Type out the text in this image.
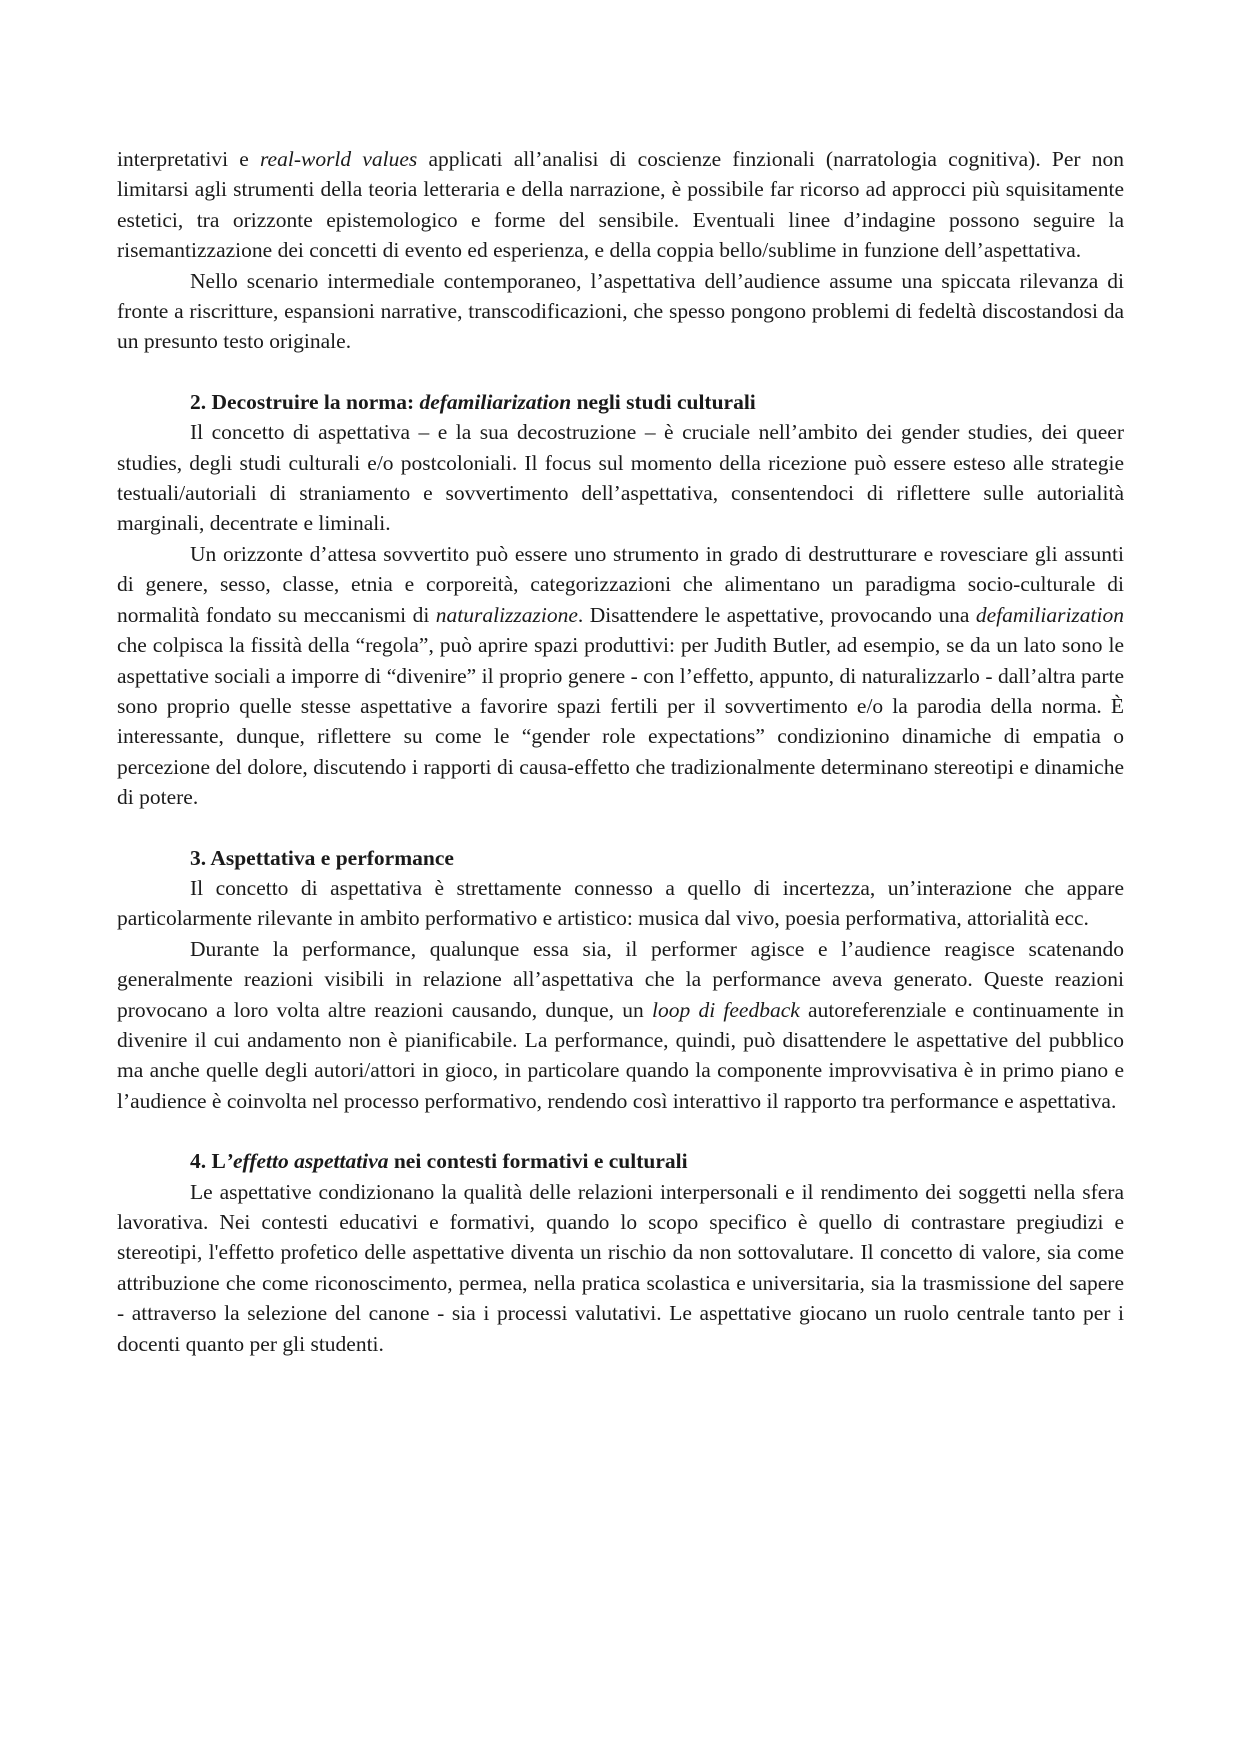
interpretativi e real-world values applicati all’analisi di coscienze finzionali (narratologia cognitiva). Per non limitarsi agli strumenti della teoria letteraria e della narrazione, è possibile far ricorso ad approcci più squisitamente estetici, tra orizzonte epistemologico e forme del sensibile. Eventuali linee d’indagine possono seguire la risemantizzazione dei concetti di evento ed esperienza, e della coppia bello/sublime in funzione dell’aspettativa.

Nello scenario intermediale contemporaneo, l’aspettativa dell’audience assume una spiccata rilevanza di fronte a riscritture, espansioni narrative, transcodificazioni, che spesso pongono problemi di fedeltà discostandosi da un presunto testo originale.

2. Decostruire la norma: defamiliarization negli studi culturali

Il concetto di aspettativa – e la sua decostruzione – è cruciale nell’ambito dei gender studies, dei queer studies, degli studi culturali e/o postcoloniali. Il focus sul momento della ricezione può essere esteso alle strategie testuali/autoriali di straniamento e sovvertimento dell’aspettativa, consentendoci di riflettere sulle autorialità marginali, decentrate e liminali.

Un orizzonte d’attesa sovvertito può essere uno strumento in grado di destrutturare e rovesciare gli assunti di genere, sesso, classe, etnia e corporeità, categorizzazioni che alimentano un paradigma socio-culturale di normalità fondato su meccanismi di naturalizzazione. Disattendere le aspettative, provocando una defamiliarization che colpisca la fissità della “regola”, può aprire spazi produttivi: per Judith Butler, ad esempio, se da un lato sono le aspettative sociali a imporre di “divenire” il proprio genere - con l’effetto, appunto, di naturalizzarlo - dall’altra parte sono proprio quelle stesse aspettative a favorire spazi fertili per il sovvertimento e/o la parodia della norma. È interessante, dunque, riflettere su come le “gender role expectations” condizionino dinamiche di empatia o percezione del dolore, discutendo i rapporti di causa-effetto che tradizionalmente determinano stereotipi e dinamiche di potere.

3. Aspettativa e performance

Il concetto di aspettativa è strettamente connesso a quello di incertezza, un’interazione che appare particolarmente rilevante in ambito performativo e artistico: musica dal vivo, poesia performativa, attorialità ecc.

Durante la performance, qualunque essa sia, il performer agisce e l’audience reagisce scatenando generalmente reazioni visibili in relazione all’aspettativa che la performance aveva generato. Queste reazioni provocano a loro volta altre reazioni causando, dunque, un loop di feedback autoreferenziale e continuamente in divenire il cui andamento non è pianificabile. La performance, quindi, può disattendere le aspettative del pubblico ma anche quelle degli autori/attori in gioco, in particolare quando la componente improvvisativa è in primo piano e l’audience è coinvolta nel processo performativo, rendendo così interattivo il rapporto tra performance e aspettativa.

4. L’effetto aspettativa nei contesti formativi e culturali

Le aspettative condizionano la qualità delle relazioni interpersonali e il rendimento dei soggetti nella sfera lavorativa. Nei contesti educativi e formativi, quando lo scopo specifico è quello di contrastare pregiudizi e stereotipi, l'effetto profetico delle aspettative diventa un rischio da non sottovalutare. Il concetto di valore, sia come attribuzione che come riconoscimento, permea, nella pratica scolastica e universitaria, sia la trasmissione del sapere - attraverso la selezione del canone - sia i processi valutativi. Le aspettative giocano un ruolo centrale tanto per i docenti quanto per gli studenti.
